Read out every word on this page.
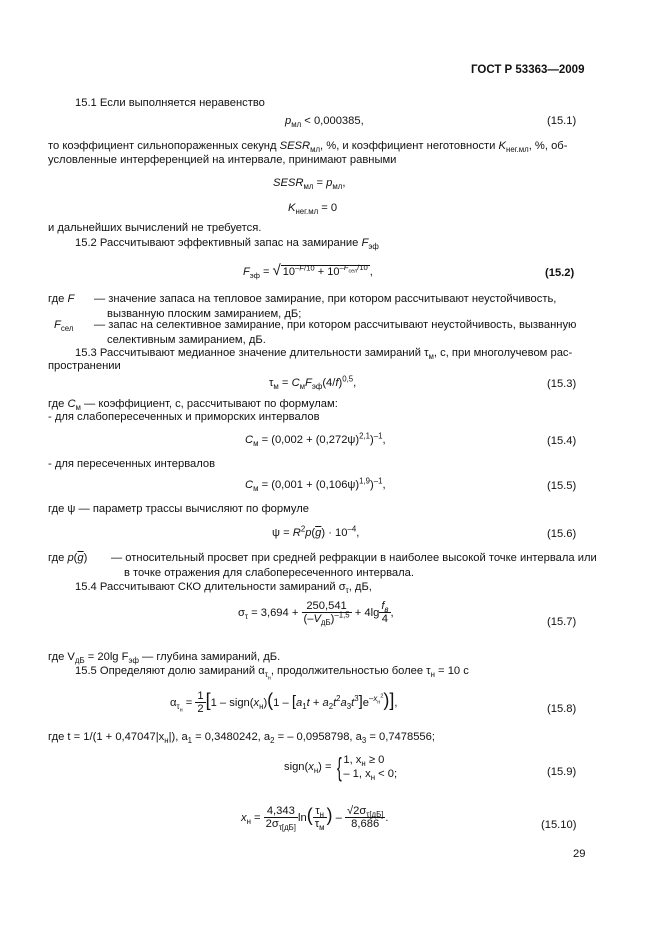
ГОСТ Р 53363—2009
15.1 Если выполняется неравенство
$p_{мл} < 0,000385$,	(15.1)
то коэффициент сильнопораженных секунд $SESR_{мл}$, %, и коэффициент неготовности $K_{нег.мл}$, %, об-
условленные интерференцией на интервале, принимают равными
$SESR_{мл} = p_{мл}$,
$K_{нег.мл} = 0$
и дальнейших вычислений не требуется.
15.2 Рассчитывают эффективный запас на замирание $F_{эф}$
$F_{эф}$ = √ $10^{-F/10} + 10^{-F_{сел}/10}$ ,	(15.2)
где F — значение запаса на тепловое замирание, при котором рассчитывают неустойчивость, вызванную плоским замиранием, дБ;
$F_{сел}$ — запас на селективное замирание, при котором рассчитывают неустойчивость, вызванную селективным замиранием, дБ.
15.3 Рассчитывают медианное значение длительности замираний $\tau_м$, с, при многолучевом рас-
пространении
$\tau_м = C_мF_{эф}(4/f)^{0,5}$,	(15.3)
где $C_м$ — коэффициент, с, рассчитывают по формулам:
- для слабопересеченных и приморских интервалов
$C_м = (0,002 + (0,272\psi)^{2,1})^{-1}$,	(15.4)
- для пересеченных интервалов
$C_м = (0,001 + (0,106\psi)^{1,9})^{-1}$,	(15.5)
где ψ — параметр трассы вычисляют по формуле
$\psi = R^2p(\overline{g}) \cdot 10^{-4}$,	(15.6)
где $p(\overline{g})$ — относительный просвет при средней рефракции в наиболее высокой точке интервала или в точке отражения для слабопересеченного интервала.
15.4 Рассчитывают СКО длительности замираний $\sigma_\tau$, дБ,
$\sigma_\tau = 3,694 + \frac{250,541}{(-V_{дБ})^{-1,5}} + 4\lg \frac{f_в}{4}$ ,
(15.7)
где $V_{дБ} = 20\lg$ $F_{эф}$ — глубина замираний, дБ.
15.5 Определяют долю замираний $\alpha_{\tau_н}$, продолжительностью более $\tau_н = 10$ с
$\alpha_{\tau_н} = \frac{1}{2} [1$ – $sign(x_н)(1 - [a_1t + a_2t^2a_3t^3]e^{-x_н^2})$],
(15.8)
где $t = 1/(1 + 0,47047|x_н|)$, $a_1 = 0,3480242$, $a_2$ = – 0,0958798, $a_3 = 0,7478556$;
$sign(x_н)$ = { 1, $x_н \ge 0$
– 1, $x_н < 0$;	(15.9)
$x_н = \frac{4,343}{2\sigma_{\tau[дБ]}} \ln( \frac{\tau_н}{\tau_м}$ ) – $\frac{√2\sigma_{\tau[дБ]}}{8,686}$ .
(15.10)
29
